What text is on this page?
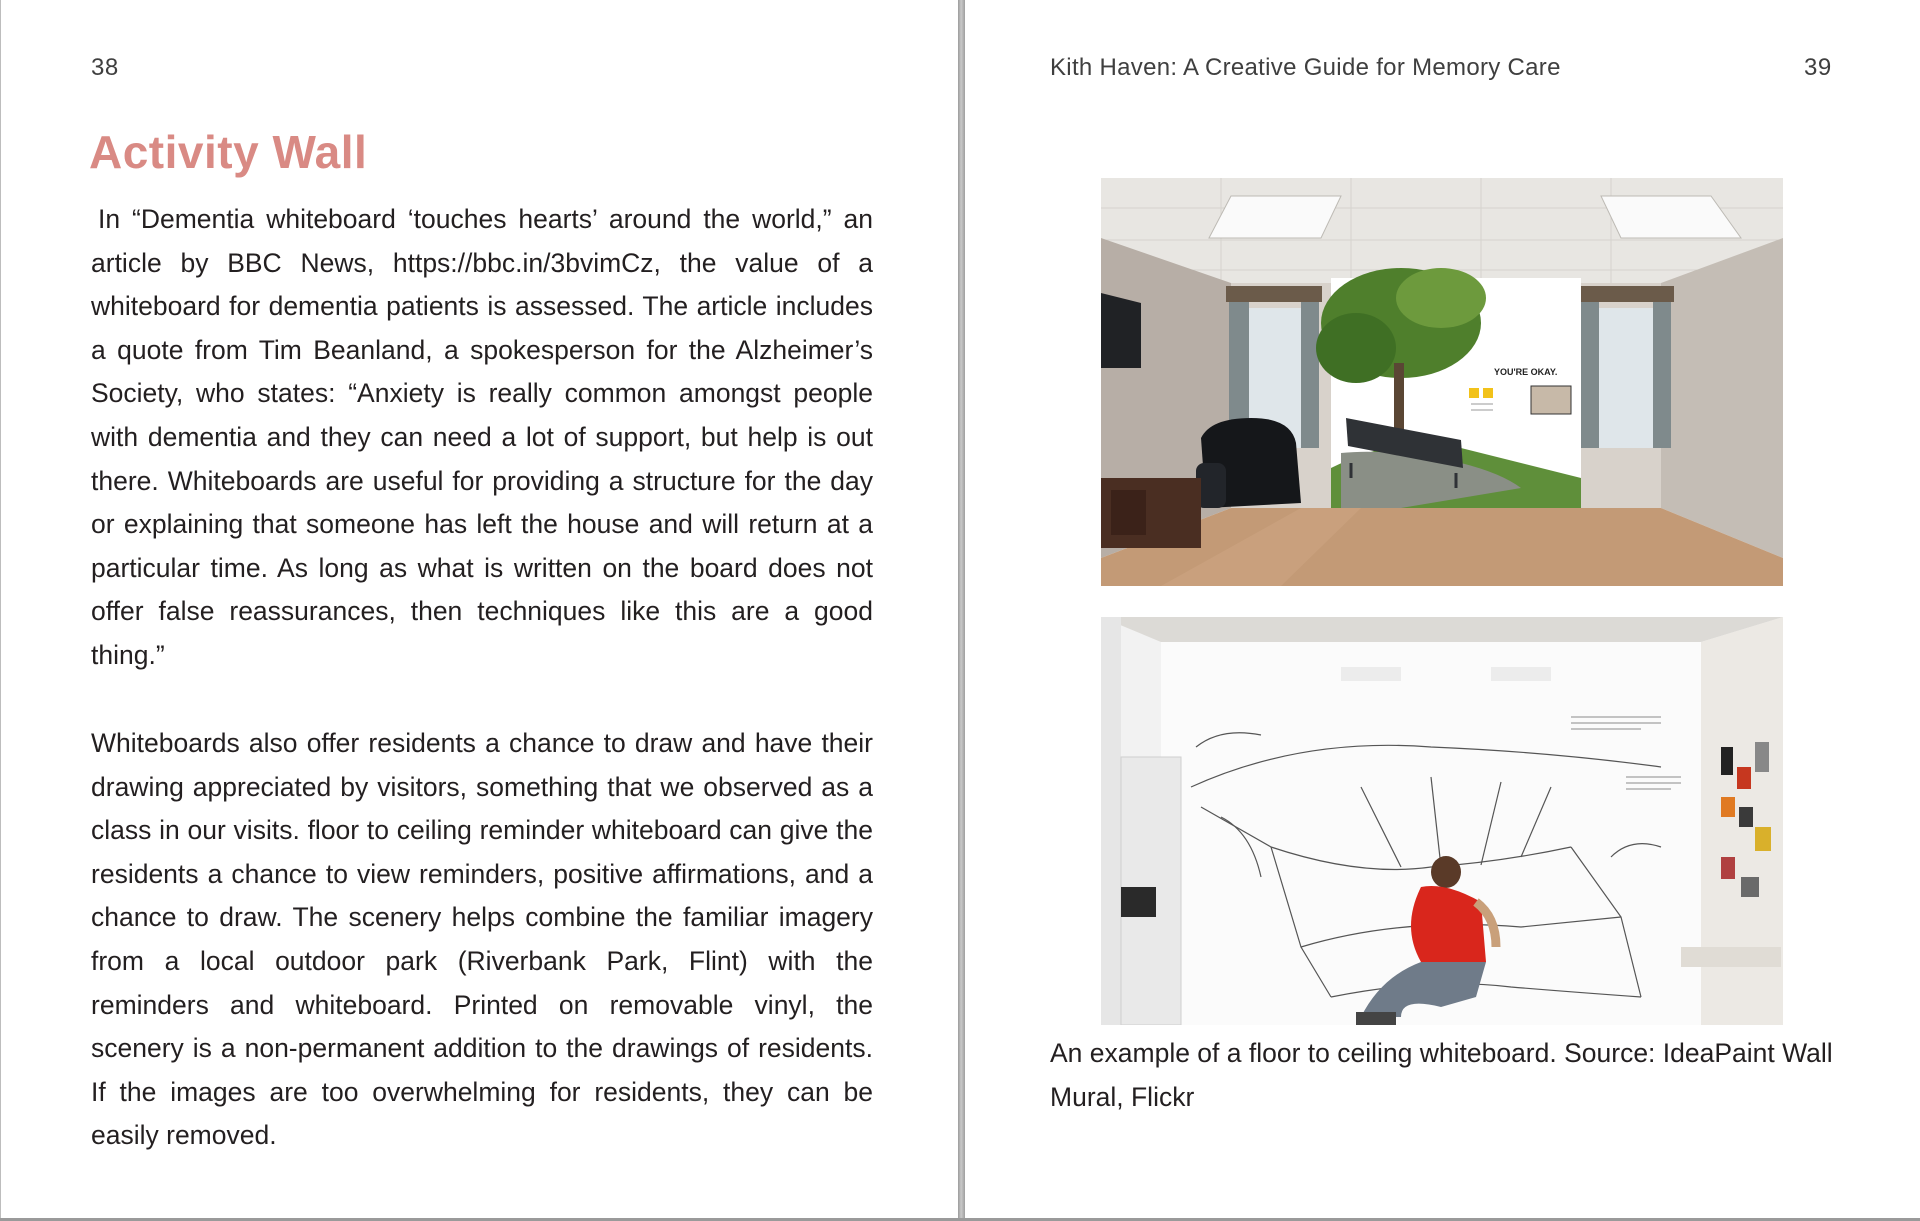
38
Activity Wall

In “Dementia whiteboard ‘touches hearts’ around the world,” an article by BBC News, https://bbc.in/3bvimCz, the value of a whiteboard for dementia patients is assessed. The article includes a quote from Tim Beanland, a spokesperson for the Alzheimer’s Society, who states: “Anxiety is really common amongst people with dementia and they can need a lot of support, but help is out there. Whiteboards are useful for providing a structure for the day or explaining that someone has left the house and will return at a particular time. As long as what is written on the board does not offer false reassurances, then techniques like this are a good thing.”

Whiteboards also offer residents a chance to draw and have their drawing appreciated by visitors, something that we observed as a class in our visits. floor to ceiling reminder whiteboard can give the residents a chance to view reminders, positive affirmations, and a chance to draw. The scenery helps combine the familiar imagery from a local outdoor park (Riverbank Park, Flint) with the reminders and whiteboard. Printed on removable vinyl, the scenery is a non-permanent addition to the drawings of residents. If the images are too overwhelming for residents, they can be easily removed.

Kith Haven: A Creative Guide for Memory Care	39
YOU'RE OKAY.

An example of a floor to ceiling whiteboard. Source: IdeaPaint Wall Mural, Flickr
